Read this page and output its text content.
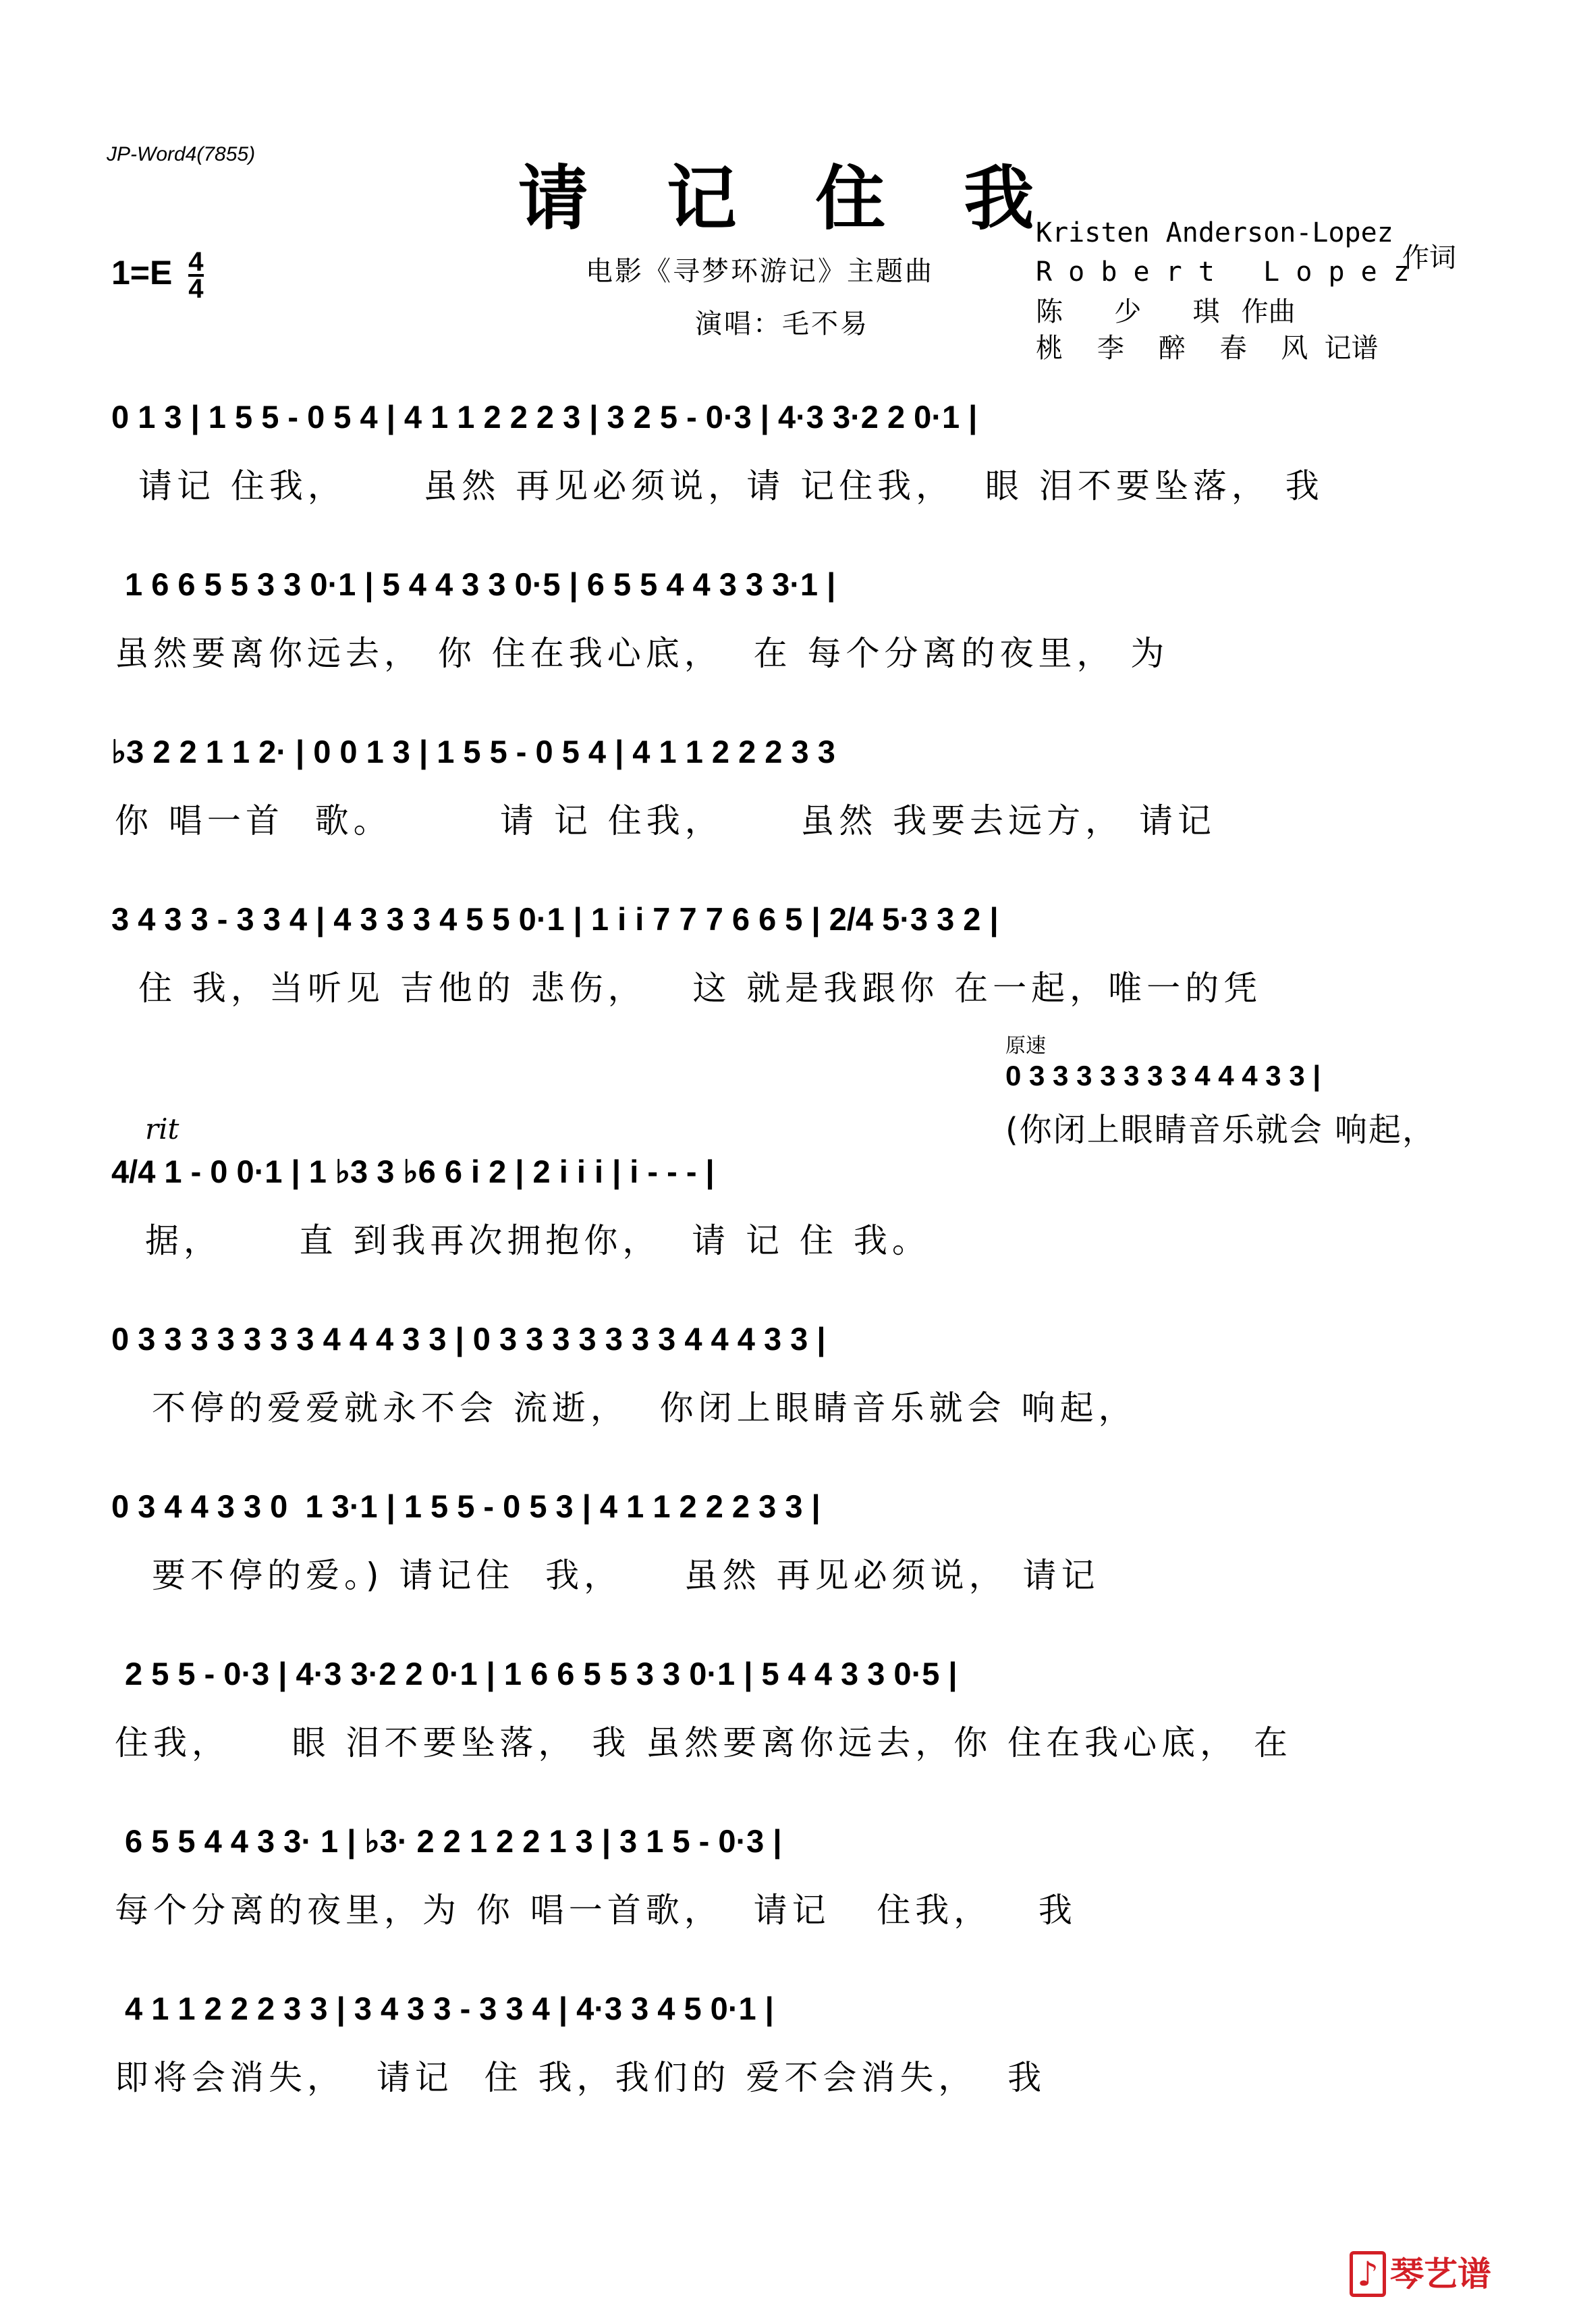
JP-Word4(7855)
请 记 住 我
$1=E \frac{4}{4}$	电影《寻梦环游记》主题曲
演唱：毛不易
Kristen Anderson-Lopez
R o b e r t   L o p e z
作词
陈      少      琪 作曲
桃    李    醉    春    风 记谱
0 1 3 | 1 5 5 - 0 5 4 | 4 1 1 2 2 2 3 | 3 2 5 - 0·3 | 4·3 3·2 2 0·1 |
请记 住我，     虽然 再见必须说，请 记住我，  眼 泪不要坠落， 我
1 6 6 5 5 3 3 0·1 | 5 4 4 3 3 0·5 | 6 5 5 4 4 3 3 3·1 |
虽然要离你远去， 你 住在我心底，  在 每个分离的夜里， 为
♭3 2 2 1 1 2· | 0 0 1 3 | 1 5 5 - 0 5 4 | 4 1 1 2 2 2 3 3
你 唱一首  歌。       请 记 住我，     虽然 我要去远方， 请记
3 4 3 3 - 3 3 4 | 4 3 3 3 4 5 5 0·1 | 1 i i 7 7 7 6 6 5 | 2/4 5·3 3 2 |
住 我，当听见 吉他的 悲伤，   这 就是我跟你 在一起，唯一的凭
原速
0 3 3 3 3 3 3 3 4 4 4 3 3 |
(你闭上眼睛音乐就会 响起，
rit
4/4 1 - 0 0·1 | 1 ♭3 3 ♭6 6 i 2 | 2 i i i | i - - - |
据，     直 到我再次拥抱你，  请 记 住 我。
0 3 3 3 3 3 3 3 4 4 4 3 3 | 0 3 3 3 3 3 3 3 4 4 4 3 3 |
不停的爱爱就永不会 流逝，  你闭上眼睛音乐就会 响起，
0 3 4 4 3 3 0  1 3·1 | 1 5 5 - 0 5 3 | 4 1 1 2 2 2 3 3 |
要不停的爱。) 请记住  我，    虽然 再见必须说， 请记
2 5 5 - 0·3 | 4·3 3·2 2 0·1 | 1 6 6 5 5 3 3 0·1 | 5 4 4 3 3 0·5 |
住我，    眼 泪不要坠落， 我 虽然要离你远去，你 住在我心底， 在
6 5 5 4 4 3 3· 1 | ♭3· 2 2 1 2 2 1 3 | 3 1 5 - 0·3 |
每个分离的夜里，为 你 唱一首歌，  请记   住我，   我
4 1 1 2 2 2 3 3 | 3 4 3 3 - 3 3 4 | 4·3 3 4 5 0·1 |
即将会消失，  请记  住 我，我们的 爱不会消失，  我
♪ 琴艺谱
